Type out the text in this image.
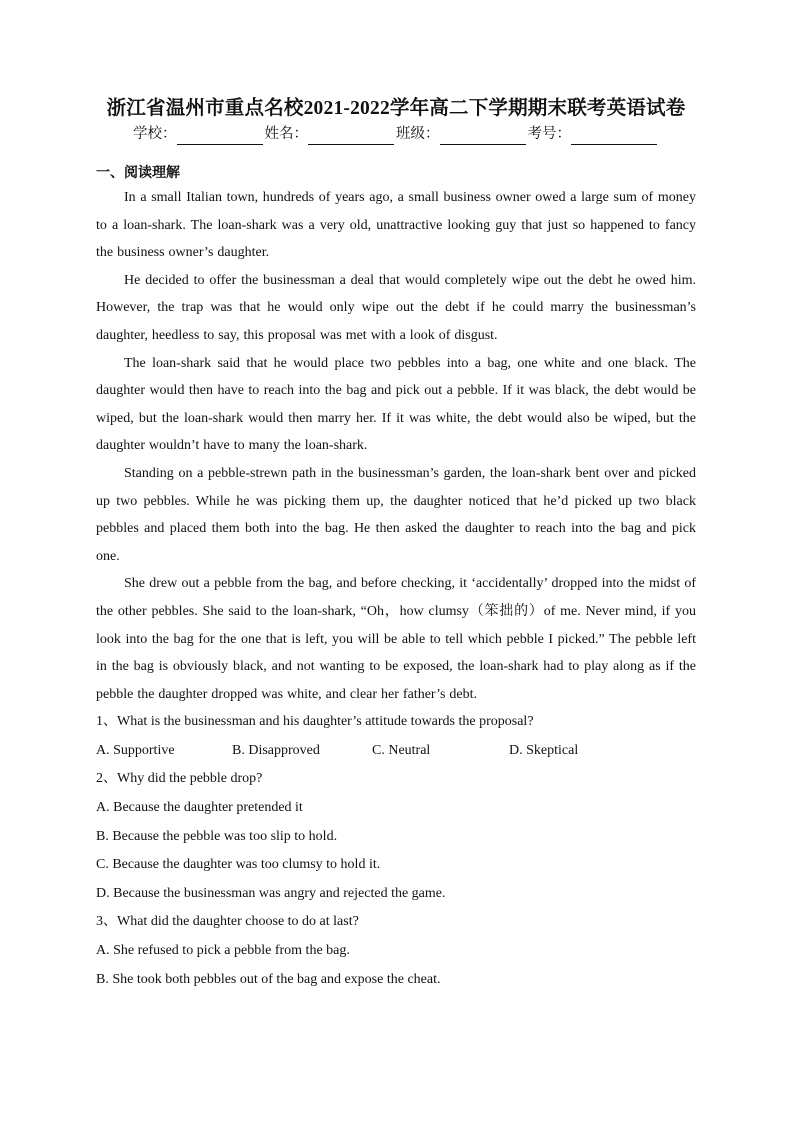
浙江省温州市重点名校2021-2022学年高二下学期期末联考英语试卷
学校：	姓名：	班级：	考号：
一、阅读理解

In a small Italian town, hundreds of years ago, a small business owner owed a large sum of money to a loan-shark. The loan-shark was a very old, unattractive looking guy that just so happened to fancy the business owner’s daughter.

He decided to offer the businessman a deal that would completely wipe out the debt he owed him. However, the trap was that he would only wipe out the debt if he could marry the businessman’s daughter, heedless to say, this proposal was met with a look of disgust.

The loan-shark said that he would place two pebbles into a bag, one white and one black. The daughter would then have to reach into the bag and pick out a pebble. If it was black, the debt would be wiped, but the loan-shark would then marry her. If it was white, the debt would also be wiped, but the daughter wouldn’t have to many the loan-shark.

Standing on a pebble-strewn path in the businessman’s garden, the loan-shark bent over and picked up two pebbles. While he was picking them up, the daughter noticed that he’d picked up two black pebbles and placed them both into the bag. He then asked the daughter to reach into the bag and pick one.

She drew out a pebble from the bag, and before checking, it ‘accidentally’ dropped into the midst of the other pebbles. She said to the loan-shark, “Oh，how clumsy（笨拙的）of me. Never mind, if you look into the bag for the one that is left, you will be able to tell which pebble I picked.” The pebble left in the bag is obviously black, and not wanting to be exposed, the loan-shark had to play along as if the pebble the daughter dropped was white, and clear her father’s debt.

1、What is the businessman and his daughter’s attitude towards the proposal?

A. Supportive	B. Disapproved	C. Neutral	D. Skeptical

2、Why did the pebble drop?

A. Because the daughter pretended it

B. Because the pebble was too slip to hold.

C. Because the daughter was too clumsy to hold it.

D. Because the businessman was angry and rejected the game.

3、What did the daughter choose to do at last?

A. She refused to pick a pebble from the bag.

B. She took both pebbles out of the bag and expose the cheat.
